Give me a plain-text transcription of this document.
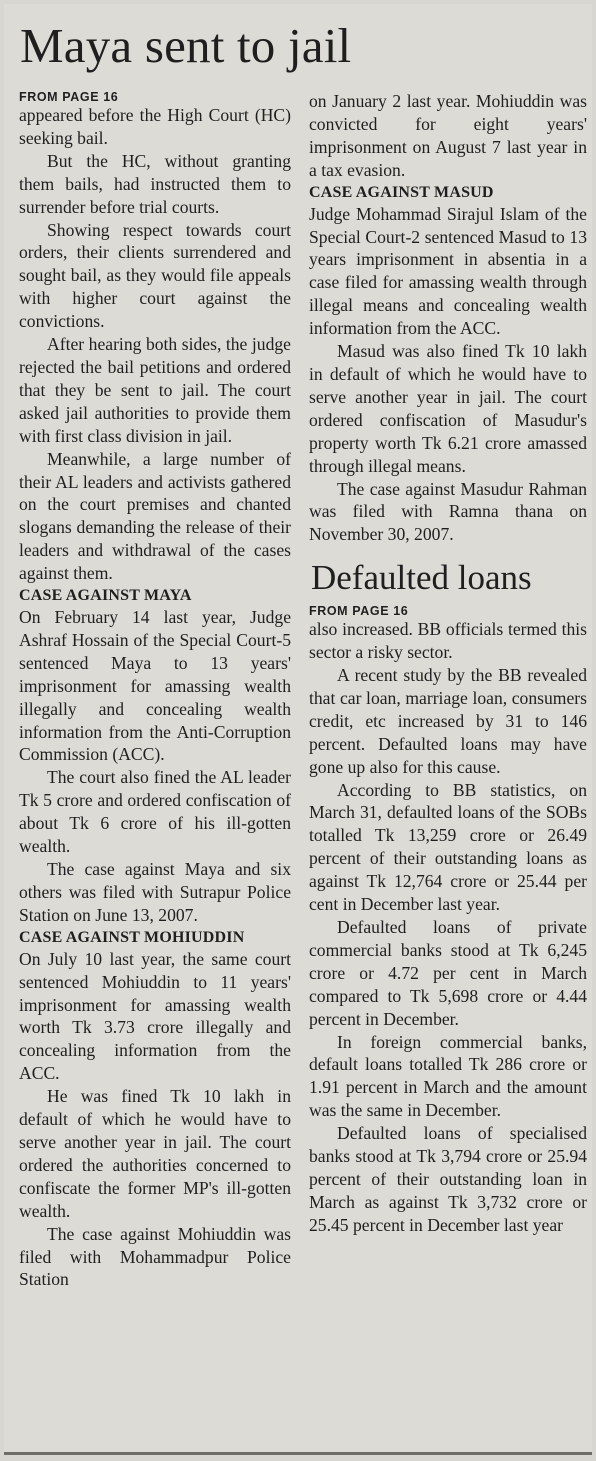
Maya sent to jail
FROM PAGE 16

appeared before the High Court (HC) seeking bail.

But the HC, without granting them bails, had instructed them to surrender before trial courts.

Showing respect towards court orders, their clients surrendered and sought bail, as they would file appeals with higher court against the convictions.

After hearing both sides, the judge rejected the bail petitions and ordered that they be sent to jail. The court asked jail authorities to provide them with first class division in jail.

Meanwhile, a large number of their AL leaders and activists gathered on the court premises and chanted slogans demanding the release of their leaders and withdrawal of the cases against them.

CASE AGAINST MAYA

On February 14 last year, Judge Ashraf Hossain of the Special Court-5 sentenced Maya to 13 years' imprisonment for amassing wealth illegally and concealing wealth information from the Anti-Corruption Commission (ACC).

The court also fined the AL leader Tk 5 crore and ordered confiscation of about Tk 6 crore of his ill-gotten wealth.

The case against Maya and six others was filed with Sutrapur Police Station on June 13, 2007.

CASE AGAINST MOHIUDDIN

On July 10 last year, the same court sentenced Mohiuddin to 11 years' imprisonment for amassing wealth worth Tk 3.73 crore illegally and concealing information from the ACC.

He was fined Tk 10 lakh in default of which he would have to serve another year in jail. The court ordered the authorities concerned to confiscate the former MP's ill-gotten wealth.

The case against Mohiuddin was filed with Mohammadpur Police Station

on January 2 last year. Mohiuddin was convicted for eight years' imprisonment on August 7 last year in a tax evasion.

CASE AGAINST MASUD

Judge Mohammad Sirajul Islam of the Special Court-2 sentenced Masud to 13 years imprisonment in absentia in a case filed for amassing wealth through illegal means and concealing wealth information from the ACC.

Masud was also fined Tk 10 lakh in default of which he would have to serve another year in jail. The court ordered confiscation of Masudur's property worth Tk 6.21 crore amassed through illegal means.

The case against Masudur Rahman was filed with Ramna thana on November 30, 2007.

Defaulted loans
FROM PAGE 16

also increased. BB officials termed this sector a risky sector.

A recent study by the BB revealed that car loan, marriage loan, consumers credit, etc increased by 31 to 146 percent. Defaulted loans may have gone up also for this cause.

According to BB statistics, on March 31, defaulted loans of the SOBs totalled Tk 13,259 crore or 26.49 percent of their outstanding loans as against Tk 12,764 crore or 25.44 per cent in December last year.

Defaulted loans of private commercial banks stood at Tk 6,245 crore or 4.72 per cent in March compared to Tk 5,698 crore or 4.44 percent in December.

In foreign commercial banks, default loans totalled Tk 286 crore or 1.91 percent in March and the amount was the same in December.

Defaulted loans of specialised banks stood at Tk 3,794 crore or 25.94 percent of their outstanding loan in March as against Tk 3,732 crore or 25.45 percent in December last year
